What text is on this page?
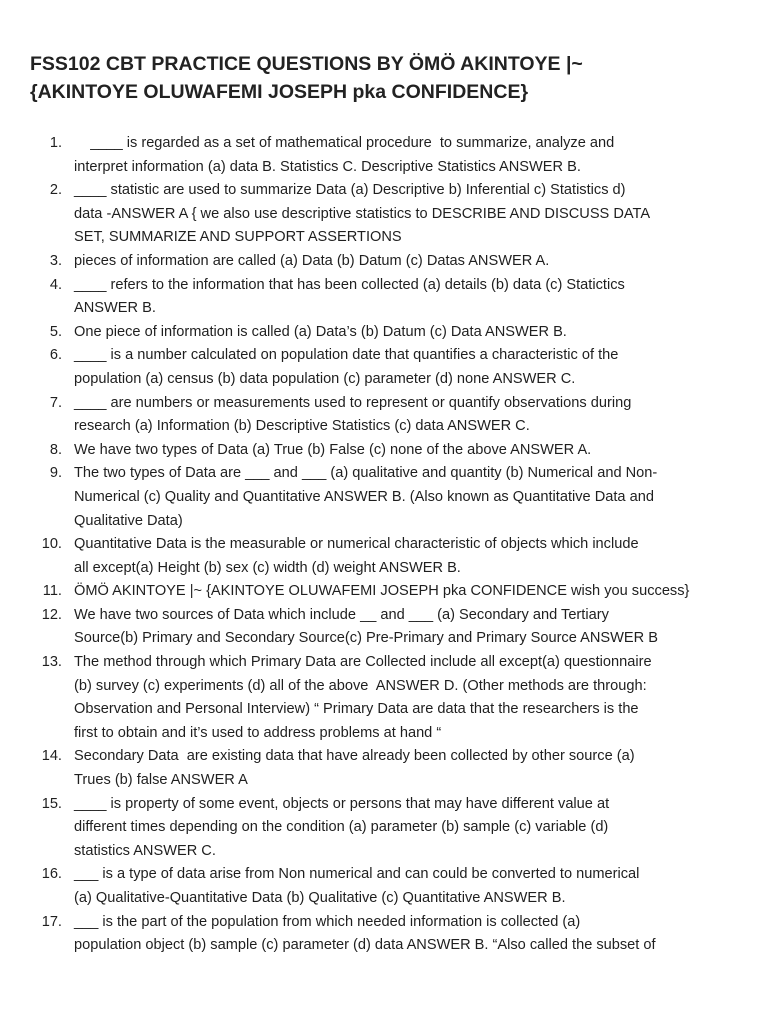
FSS102 CBT PRACTICE QUESTIONS BY ÖMÖ AKINTOYE |~
{AKINTOYE OLUWAFEMI JOSEPH pka CONFIDENCE}
1. ____ is regarded as a set of mathematical procedure  to summarize, analyze and
interpret information (a) data B. Statistics C. Descriptive Statistics ANSWER B.
2. ____ statistic are used to summarize Data (a) Descriptive b) Inferential c) Statistics d)
data -ANSWER A { we also use descriptive statistics to DESCRIBE AND DISCUSS DATA
SET, SUMMARIZE AND SUPPORT ASSERTIONS
3. pieces of information are called (a) Data (b) Datum (c) Datas ANSWER A.
4. ____ refers to the information that has been collected (a) details (b) data (c) Statictics
ANSWER B.
5. One piece of information is called (a) Data’s (b) Datum (c) Data ANSWER B.
6. ____ is a number calculated on population date that quantifies a characteristic of the
population (a) census (b) data population (c) parameter (d) none ANSWER C.
7. ____ are numbers or measurements used to represent or quantify observations during
research (a) Information (b) Descriptive Statistics (c) data ANSWER C.
8. We have two types of Data (a) True (b) False (c) none of the above ANSWER A.
9. The two types of Data are ___ and ___ (a) qualitative and quantity (b) Numerical and Non-
Numerical (c) Quality and Quantitative ANSWER B. (Also known as Quantitative Data and
Qualitative Data)
10. Quantitative Data is the measurable or numerical characteristic of objects which include
all except(a) Height (b) sex (c) width (d) weight ANSWER B.
11. ÖMÖ AKINTOYE |~ {AKINTOYE OLUWAFEMI JOSEPH pka CONFIDENCE wish you success}
12. We have two sources of Data which include __ and ___ (a) Secondary and Tertiary
Source(b) Primary and Secondary Source(c) Pre-Primary and Primary Source ANSWER B
13. The method through which Primary Data are Collected include all except(a) questionnaire
(b) survey (c) experiments (d) all of the above  ANSWER D. (Other methods are through:
Observation and Personal Interview) “ Primary Data are data that the researchers is the
first to obtain and it’s used to address problems at hand “
14. Secondary Data  are existing data that have already been collected by other source (a)
Trues (b) false ANSWER A
15. ____ is property of some event, objects or persons that may have different value at
different times depending on the condition (a) parameter (b) sample (c) variable (d)
statistics ANSWER C.
16. ___ is a type of data arise from Non numerical and can could be converted to numerical
(a) Qualitative-Quantitative Data (b) Qualitative (c) Quantitative ANSWER B.
17. ___ is the part of the population from which needed information is collected (a)
population object (b) sample (c) parameter (d) data ANSWER B. “Also called the subset of
